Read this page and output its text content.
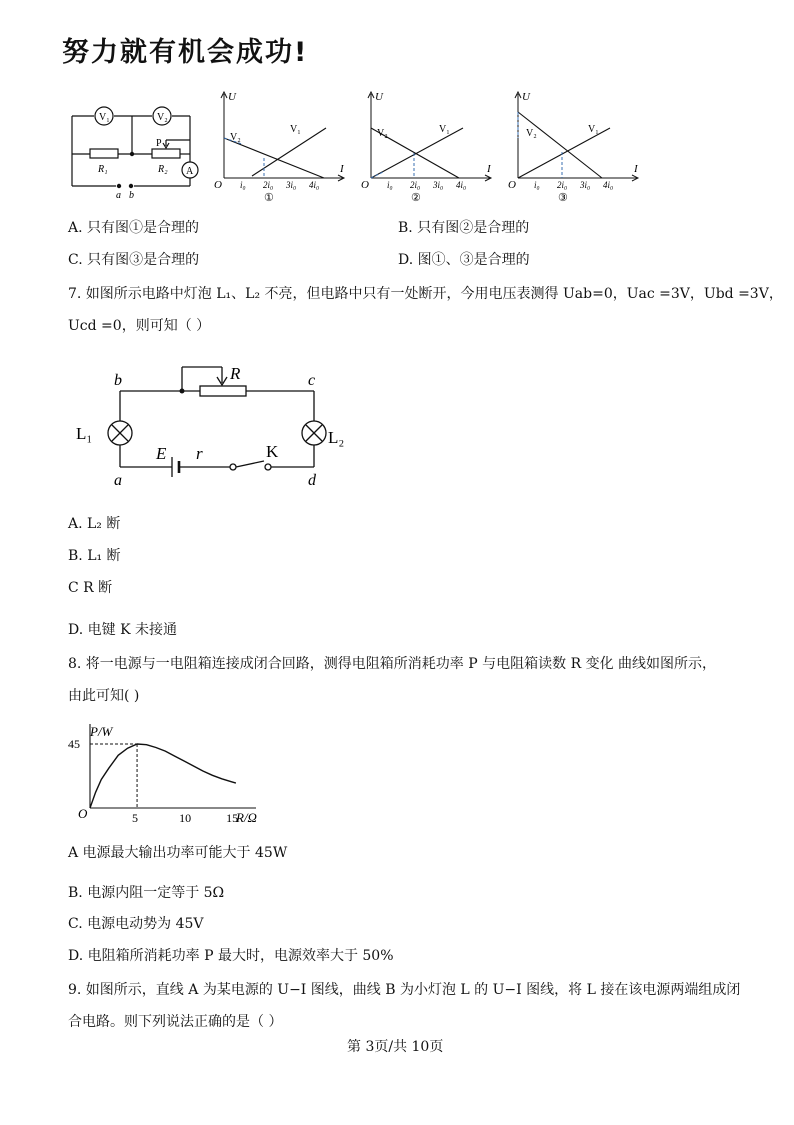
努力就有机会成功!
V₁	V₂
A
R₁	R₂
P
a b
U
I
O i₀ 2i₀ 3i₀ 4i₀
V₁
V₂
①
U
I
O i₀ 2i₀ 3i₀ 4i₀
V₁
V₂
②
U
I
O i₀ 2i₀ 3i₀ 4i₀
V₁
V₂
③
A. 只有图①是合理的	B. 只有图②是合理的
C. 只有图③是合理的	D. 图①、③是合理的
7. 如图所示电路中灯泡 L₁、L₂ 不亮，但电路中只有一处断开，今用电压表测得 Uab=0，Uac =3V，Ubd =3V，
Ucd =0，则可知（ ）
b	c
a	d
R
L₁	L₂
E r	K
A. L₂ 断
B. L₁ 断
C R 断
D. 电键 K 未接通
8. 将一电源与一电阻箱连接成闭合回路，测得电阻箱所消耗功率 P 与电阻箱读数 R 变化 曲线如图所示，
由此可知( )
P/W
R/Ω
O	5	10	15
45
A 电源最大输出功率可能大于 45W
B. 电源内阻一定等于 5Ω
C. 电源电动势为 45V
D. 电阻箱所消耗功率 P 最大时，电源效率大于 50%
9. 如图所示，直线 A 为某电源的 U−I 图线，曲线 B 为小灯泡 L 的 U−I 图线，将 L 接在该电源两端组成闭
合电路。则下列说法正确的是（ ）
第 3页/共 10页
